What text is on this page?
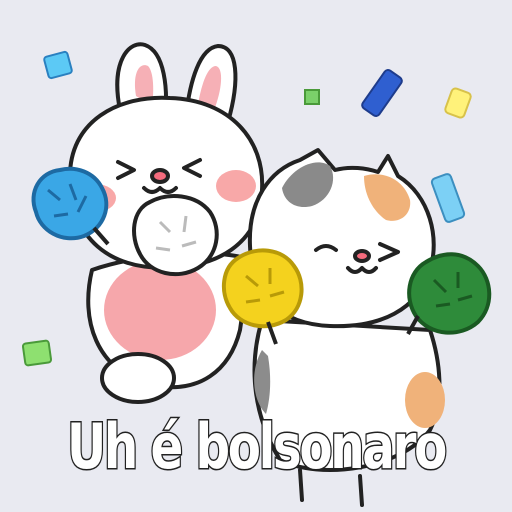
Uh é bolsonaro
